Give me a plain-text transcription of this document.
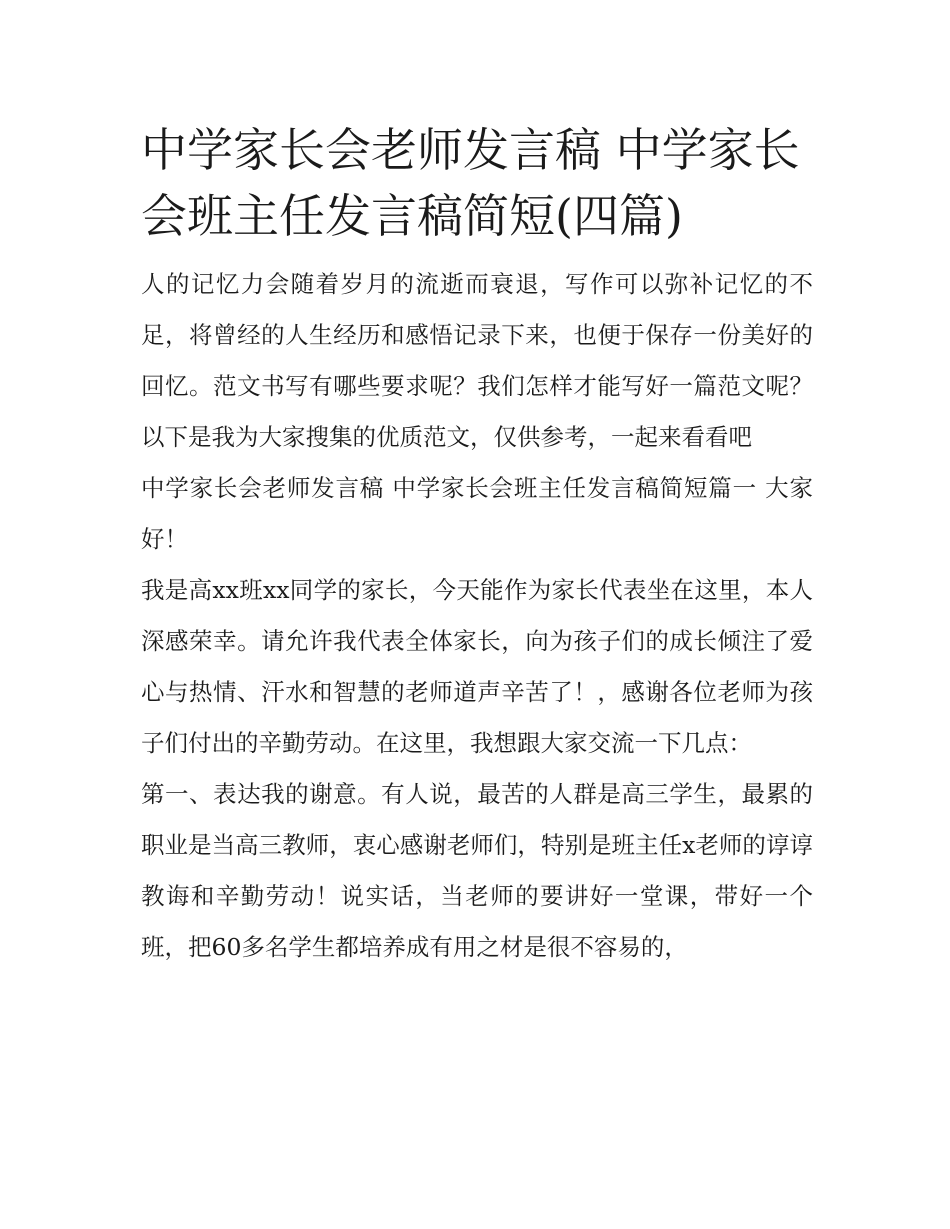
中学家长会老师发言稿 中学家长会班主任发言稿简短(四篇)

人的记忆力会随着岁月的流逝而衰退，写作可以弥补记忆的不足，将曾经的人生经历和感悟记录下来，也便于保存一份美好的回忆。范文书写有哪些要求呢？我们怎样才能写好一篇范文呢？以下是我为大家搜集的优质范文，仅供参考，一起来看看吧

中学家长会老师发言稿 中学家长会班主任发言稿简短篇一 大家好！

我是高xx班xx同学的家长，今天能作为家长代表坐在这里，本人深感荣幸。请允许我代表全体家长，向为孩子们的成长倾注了爱心与热情、汗水和智慧的老师道声辛苦了！，感谢各位老师为孩子们付出的辛勤劳动。在这里，我想跟大家交流一下几点：

第一、表达我的谢意。有人说，最苦的人群是高三学生，最累的职业是当高三教师，衷心感谢老师们，特别是班主任x老师的谆谆教诲和辛勤劳动！说实话，当老师的要讲好一堂课，带好一个班，把60多名学生都培养成有用之材是很不容易的，
